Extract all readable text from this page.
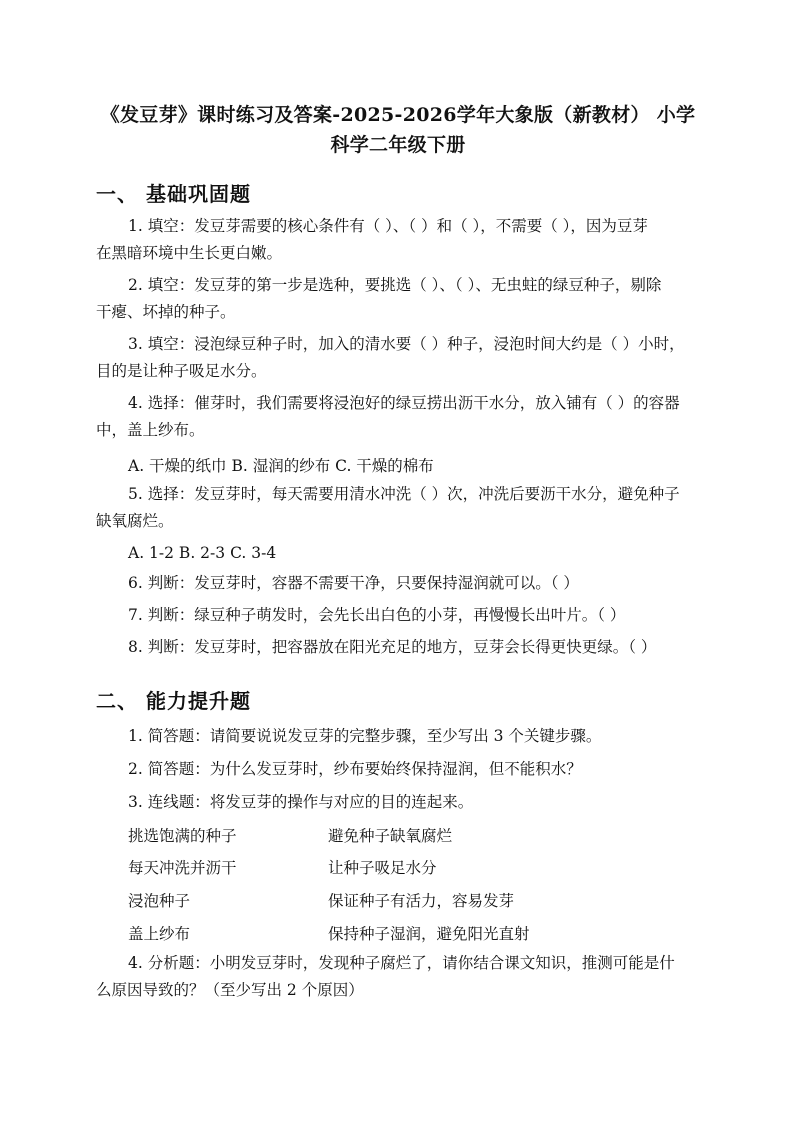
《发豆芽》课时练习及答案-2025-2026学年大象版（新教材） 小学
科学二年级下册
一、 基础巩固题
1. 填空：发豆芽需要的核心条件有（ ）、（ ）和（ ），不需要（ ），因为豆芽
在黑暗环境中生长更白嫩。
2. 填空：发豆芽的第一步是选种，要挑选（ ）、（ ）、无虫蛀的绿豆种子，剔除
干瘪、坏掉的种子。
3. 填空：浸泡绿豆种子时，加入的清水要（ ）种子，浸泡时间大约是（ ）小时，
目的是让种子吸足水分。
4. 选择：催芽时，我们需要将浸泡好的绿豆捞出沥干水分，放入铺有（ ）的容器
中，盖上纱布。
A. 干燥的纸巾 B. 湿润的纱布 C. 干燥的棉布
5. 选择：发豆芽时，每天需要用清水冲洗（ ）次，冲洗后要沥干水分，避免种子
缺氧腐烂。
A. 1-2 B. 2-3 C. 3-4
6. 判断：发豆芽时，容器不需要干净，只要保持湿润就可以。（ ）
7. 判断：绿豆种子萌发时，会先长出白色的小芽，再慢慢长出叶片。（ ）
8. 判断：发豆芽时，把容器放在阳光充足的地方，豆芽会长得更快更绿。（ ）
二、 能力提升题
1. 简答题：请简要说说发豆芽的完整步骤，至少写出 3 个关键步骤。
2. 简答题：为什么发豆芽时，纱布要始终保持湿润，但不能积水？
3. 连线题：将发豆芽的操作与对应的目的连起来。
挑选饱满的种子	避免种子缺氧腐烂
每天冲洗并沥干	让种子吸足水分
浸泡种子	保证种子有活力，容易发芽
盖上纱布	保持种子湿润，避免阳光直射
4. 分析题：小明发豆芽时，发现种子腐烂了，请你结合课文知识，推测可能是什
么原因导致的？（至少写出 2 个原因）
